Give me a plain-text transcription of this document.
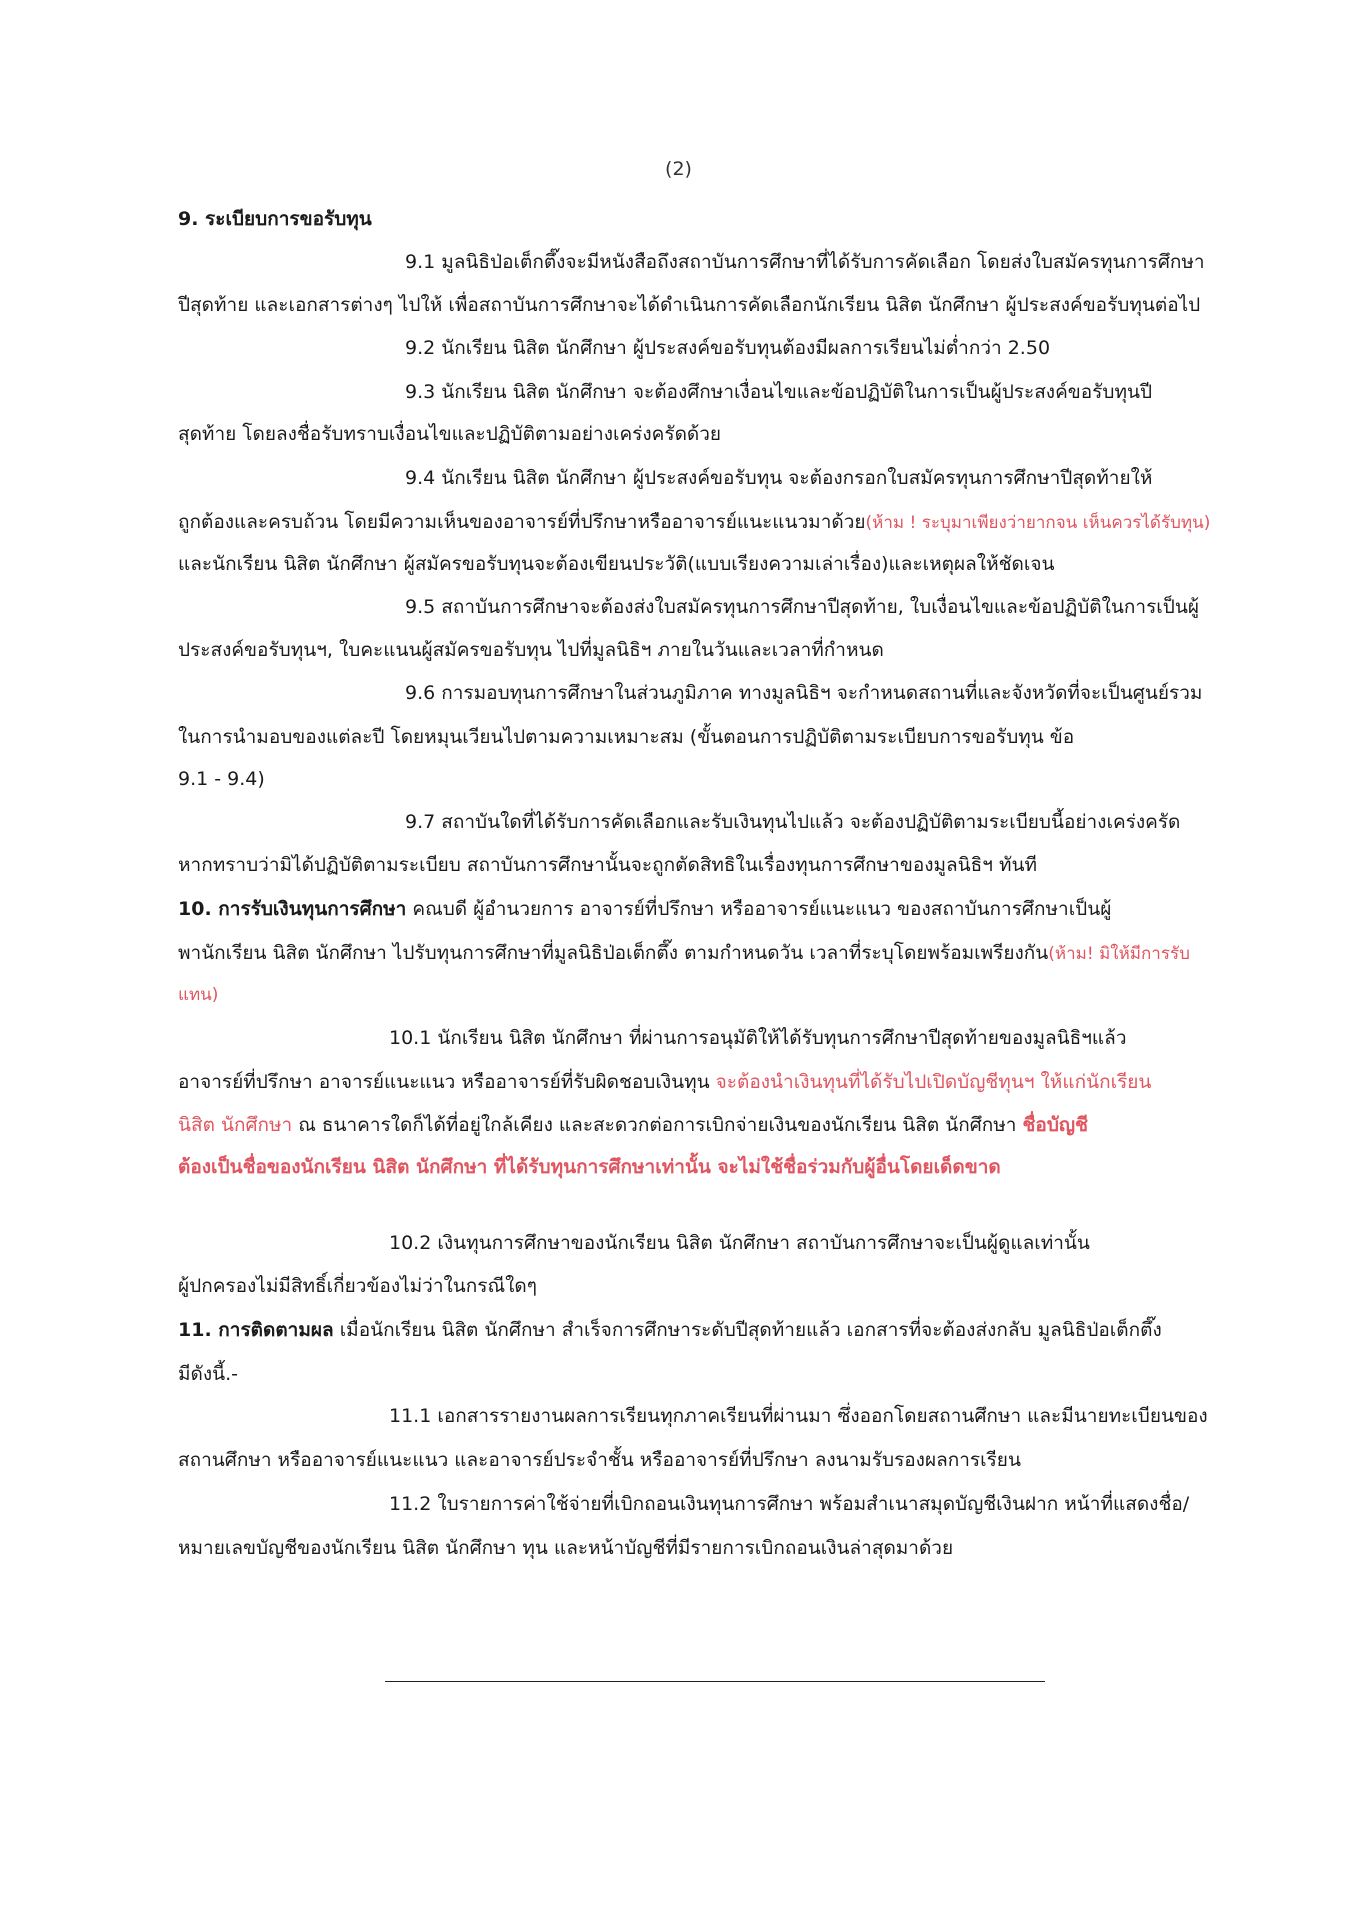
(2)
9. ระเบียบการขอรับทุน
9.1 มูลนิธิป่อเต็กตึ๊งจะมีหนังสือถึงสถาบันการศึกษาที่ได้รับการคัดเลือก โดยส่งใบสมัครทุนการศึกษา
ปีสุดท้าย และเอกสารต่างๆ ไปให้ เพื่อสถาบันการศึกษาจะได้ดำเนินการคัดเลือกนักเรียน นิสิต นักศึกษา ผู้ประสงค์ขอรับทุนต่อไป
9.2 นักเรียน นิสิต นักศึกษา ผู้ประสงค์ขอรับทุนต้องมีผลการเรียนไม่ต่ำกว่า 2.50
9.3 นักเรียน นิสิต นักศึกษา จะต้องศึกษาเงื่อนไขและข้อปฏิบัติในการเป็นผู้ประสงค์ขอรับทุนปี
สุดท้าย โดยลงชื่อรับทราบเงื่อนไขและปฏิบัติตามอย่างเคร่งครัดด้วย
9.4 นักเรียน นิสิต นักศึกษา ผู้ประสงค์ขอรับทุน จะต้องกรอกใบสมัครทุนการศึกษาปีสุดท้ายให้
ถูกต้องและครบถ้วน โดยมีความเห็นของอาจารย์ที่ปรึกษาหรืออาจารย์แนะแนวมาด้วย(ห้าม ! ระบุมาเพียงว่ายากจน เห็นควรได้รับทุน)
และนักเรียน นิสิต นักศึกษา ผู้สมัครขอรับทุนจะต้องเขียนประวัติ(แบบเรียงความเล่าเรื่อง)และเหตุผลให้ชัดเจน
9.5 สถาบันการศึกษาจะต้องส่งใบสมัครทุนการศึกษาปีสุดท้าย, ใบเงื่อนไขและข้อปฏิบัติในการเป็นผู้
ประสงค์ขอรับทุนฯ, ใบคะแนนผู้สมัครขอรับทุน ไปที่มูลนิธิฯ ภายในวันและเวลาที่กำหนด
9.6 การมอบทุนการศึกษาในส่วนภูมิภาค ทางมูลนิธิฯ จะกำหนดสถานที่และจังหวัดที่จะเป็นศูนย์รวม
ในการนำมอบของแต่ละปี โดยหมุนเวียนไปตามความเหมาะสม (ขั้นตอนการปฏิบัติตามระเบียบการขอรับทุน ข้อ
9.1 - 9.4)
9.7 สถาบันใดที่ได้รับการคัดเลือกและรับเงินทุนไปแล้ว จะต้องปฏิบัติตามระเบียบนี้อย่างเคร่งครัด
หากทราบว่ามิได้ปฏิบัติตามระเบียบ สถาบันการศึกษานั้นจะถูกตัดสิทธิในเรื่องทุนการศึกษาของมูลนิธิฯ ทันที
10. การรับเงินทุนการศึกษา คณบดี ผู้อำนวยการ อาจารย์ที่ปรึกษา หรืออาจารย์แนะแนว ของสถาบันการศึกษาเป็นผู้
พานักเรียน นิสิต นักศึกษา ไปรับทุนการศึกษาที่มูลนิธิป่อเต็กตึ๊ง ตามกำหนดวัน เวลาที่ระบุโดยพร้อมเพรียงกัน(ห้าม! มิให้มีการรับ
แทน)
10.1 นักเรียน นิสิต นักศึกษา ที่ผ่านการอนุมัติให้ได้รับทุนการศึกษาปีสุดท้ายของมูลนิธิฯแล้ว
อาจารย์ที่ปรึกษา อาจารย์แนะแนว หรืออาจารย์ที่รับผิดชอบเงินทุน จะต้องนำเงินทุนที่ได้รับไปเปิดบัญชีทุนฯ ให้แก่นักเรียน
นิสิต นักศึกษา ณ ธนาคารใดก็ได้ที่อยู่ใกล้เคียง และสะดวกต่อการเบิกจ่ายเงินของนักเรียน นิสิต นักศึกษา ชื่อบัญชี
ต้องเป็นชื่อของนักเรียน นิสิต นักศึกษา ที่ได้รับทุนการศึกษาเท่านั้น จะไม่ใช้ชื่อร่วมกับผู้อื่นโดยเด็ดขาด
10.2 เงินทุนการศึกษาของนักเรียน นิสิต นักศึกษา สถาบันการศึกษาจะเป็นผู้ดูแลเท่านั้น
ผู้ปกครองไม่มีสิทธิ์เกี่ยวข้องไม่ว่าในกรณีใดๆ
11. การติดตามผล เมื่อนักเรียน นิสิต นักศึกษา สำเร็จการศึกษาระดับปีสุดท้ายแล้ว เอกสารที่จะต้องส่งกลับ มูลนิธิป่อเต็กตึ๊ง
มีดังนี้.-
11.1 เอกสารรายงานผลการเรียนทุกภาคเรียนที่ผ่านมา ซึ่งออกโดยสถานศึกษา และมีนายทะเบียนของ
สถานศึกษา หรืออาจารย์แนะแนว และอาจารย์ประจำชั้น หรืออาจารย์ที่ปรึกษา ลงนามรับรองผลการเรียน
11.2 ใบรายการค่าใช้จ่ายที่เบิกถอนเงินทุนการศึกษา พร้อมสำเนาสมุดบัญชีเงินฝาก หน้าที่แสดงชื่อ/
หมายเลขบัญชีของนักเรียน นิสิต นักศึกษา ทุน และหน้าบัญชีที่มีรายการเบิกถอนเงินล่าสุดมาด้วย
